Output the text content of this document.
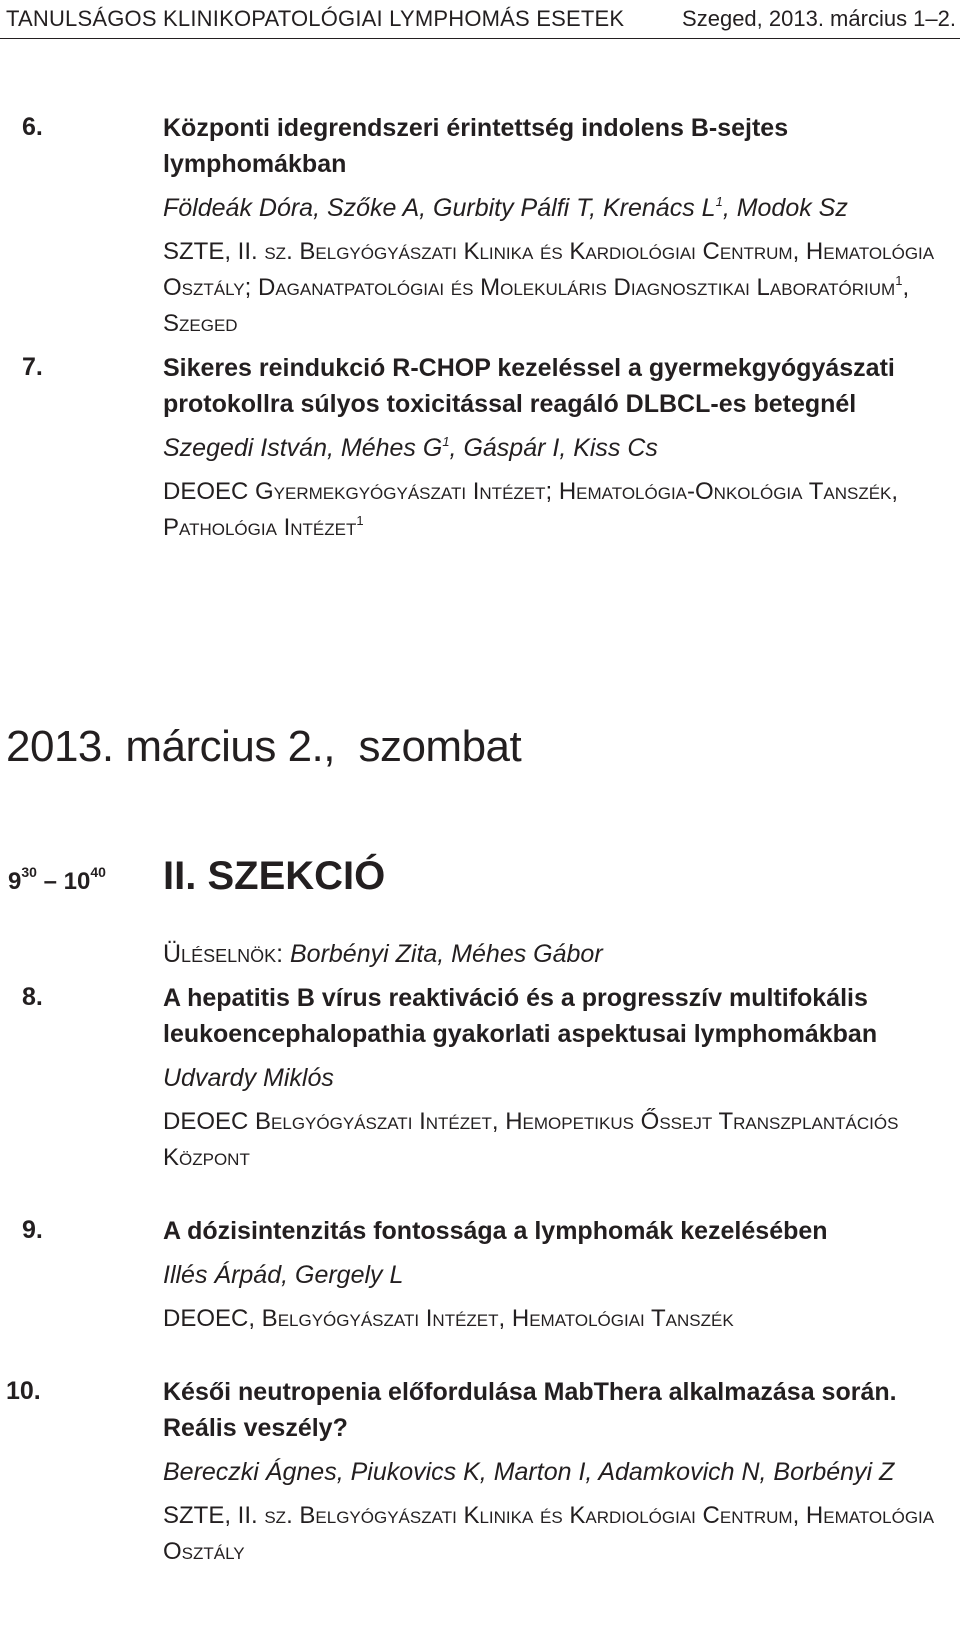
TANULSÁGOS KLINIKOPATOLÓGIAI LYMPHOMÁS ESETEK	Szeged, 2013. március 1–2.
6.	Központi idegrendszeri érintettség indolens B-sejtes lymphomákban
Földeák Dóra, Szőke A, Gurbity Pálfi T, Krenács $L^1$, Modok Sz
SZTE, II. sz. Belgyógyászati Klinika és Kardiológiai Centrum, Hematológia
Osztály; Daganatpatológiai és Molekuláris Diagnosztikai Laboratórium$^1$,
Szeged
7.	Sikeres reindukció R-CHOP kezeléssel a gyermekgyógyászati
protokollra súlyos toxicitással reagáló DLBCL-es betegnél
Szegedi István, Méhes $G^1$, Gáspár I, Kiss Cs
DEOEC Gyermekgyógyászati Intézet; Hematológia-Onkológia Tanszék,
Pathológia Intézet$^1$
2013. március 2.,  szombat
$9^{30} - 10^{40}$ II. SZEKCIÓ
Üléselnök: Borbényi Zita, Méhes Gábor
8.	A hepatitis B vírus reaktiváció és a progresszív multifokális
leukoencephalopathia gyakorlati aspektusai lymphomákban
Udvardy Miklós
DEOEC Belgyógyászati Intézet, Hemopetikus Őssejt Transzplantációs
Központ
9.	A dózisintenzitás fontossága a lymphomák kezelésében
Illés Árpád, Gergely L
DEOEC, Belgyógyászati Intézet, Hematológiai Tanszék
10.	Késői neutropenia előfordulása MabThera alkalmazása során.
Reális veszély?
Bereczki Ágnes, Piukovics K, Marton I, Adamkovich N, Borbényi Z
SZTE, II. sz. Belgyógyászati Klinika és Kardiológiai Centrum, Hematológia
Osztály
